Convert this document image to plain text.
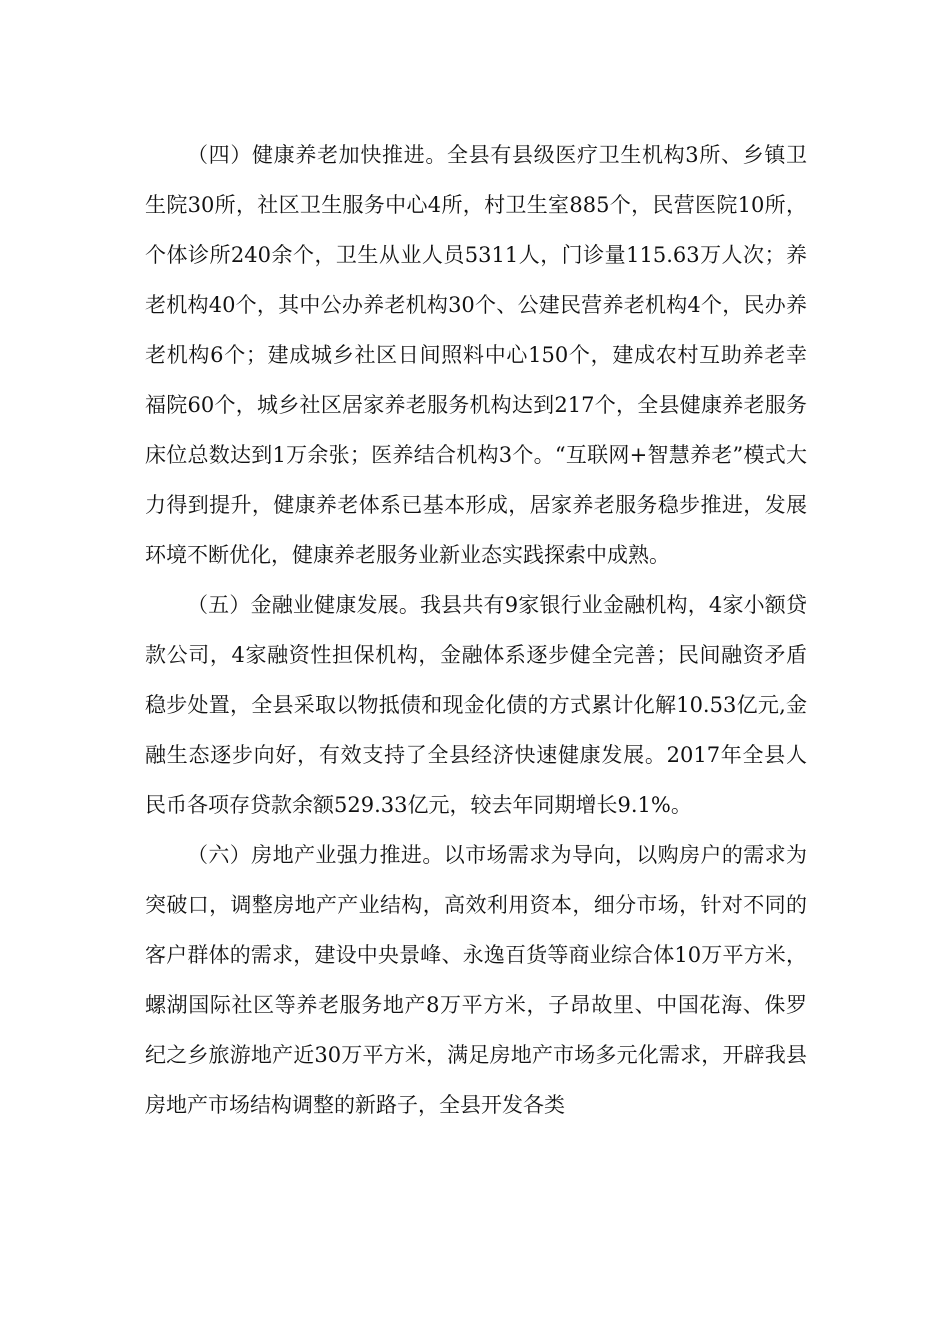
（四）健康养老加快推进。全县有县级医疗卫生机构3所、乡镇卫生院30所，社区卫生服务中心4所，村卫生室885个，民营医院10所，个体诊所240余个，卫生从业人员5311人，门诊量115.63万人次；养老机构40个，其中公办养老机构30个、公建民营养老机构4个，民办养老机构6个；建成城乡社区日间照料中心150个，建成农村互助养老幸福院60个，城乡社区居家养老服务机构达到217个，全县健康养老服务床位总数达到1万余张；医养结合机构3个。“互联网+智慧养老”模式大力得到提升，健康养老体系已基本形成，居家养老服务稳步推进，发展环境不断优化，健康养老服务业新业态实践探索中成熟。

（五）金融业健康发展。我县共有9家银行业金融机构，4家小额贷款公司，4家融资性担保机构，金融体系逐步健全完善；民间融资矛盾稳步处置，全县采取以物抵债和现金化债的方式累计化解10.53亿元,金融生态逐步向好，有效支持了全县经济快速健康发展。2017年全县人民币各项存贷款余额529.33亿元，较去年同期增长9.1%。

（六）房地产业强力推进。以市场需求为导向，以购房户的需求为突破口，调整房地产产业结构，高效利用资本，细分市场，针对不同的客户群体的需求，建设中央景峰、永逸百货等商业综合体10万平方米，螺湖国际社区等养老服务地产8万平方米，子昂故里、中国花海、侏罗纪之乡旅游地产近30万平方米，满足房地产市场多元化需求，开辟我县房地产市场结构调整的新路子，全县开发各类
